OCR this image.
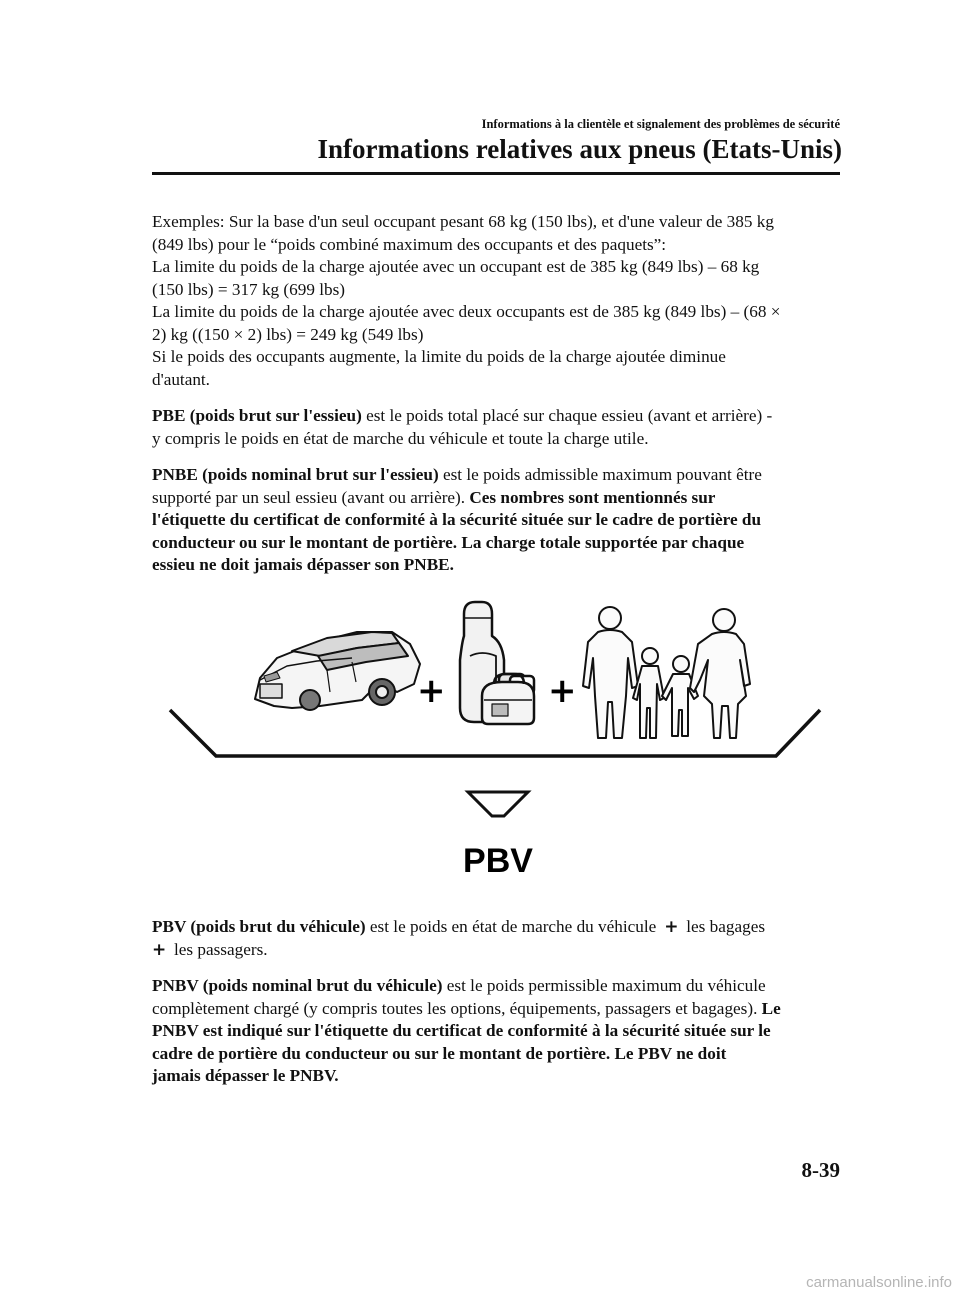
Informations à la clientèle et signalement des problèmes de sécurité
Informations relatives aux pneus (Etats-Unis)

Exemples: Sur la base d'un seul occupant pesant 68 kg (150 lbs), et d'une valeur de 385 kg
(849 lbs) pour le “poids combiné maximum des occupants et des paquets”:
La limite du poids de la charge ajoutée avec un occupant est de 385 kg (849 lbs) – 68 kg
(150 lbs) = 317 kg (699 lbs)
La limite du poids de la charge ajoutée avec deux occupants est de 385 kg (849 lbs) – (68 ×
2) kg ((150 × 2) lbs) = 249 kg (549 lbs)
Si le poids des occupants augmente, la limite du poids de la charge ajoutée diminue
d'autant.

PBE (poids brut sur l'essieu) est le poids total placé sur chaque essieu (avant et arrière) -
y compris le poids en état de marche du véhicule et toute la charge utile.

PNBE (poids nominal brut sur l'essieu) est le poids admissible maximum pouvant être
supporté par un seul essieu (avant ou arrière). Ces nombres sont mentionnés sur
l'étiquette du certificat de conformité à la sécurité située sur le cadre de portière du
conducteur ou sur le montant de portière. La charge totale supportée par chaque
essieu ne doit jamais dépasser son PNBE.

+	+
PBV

PBV (poids brut du véhicule) est le poids en état de marche du véhicule + les bagages
+ les passagers.

PNBV (poids nominal brut du véhicule) est le poids permissible maximum du véhicule
complètement chargé (y compris toutes les options, équipements, passagers et bagages). Le
PNBV est indiqué sur l'étiquette du certificat de conformité à la sécurité située sur le
cadre de portière du conducteur ou sur le montant de portière. Le PBV ne doit
jamais dépasser le PNBV.

8-39
carmanualsonline.info
